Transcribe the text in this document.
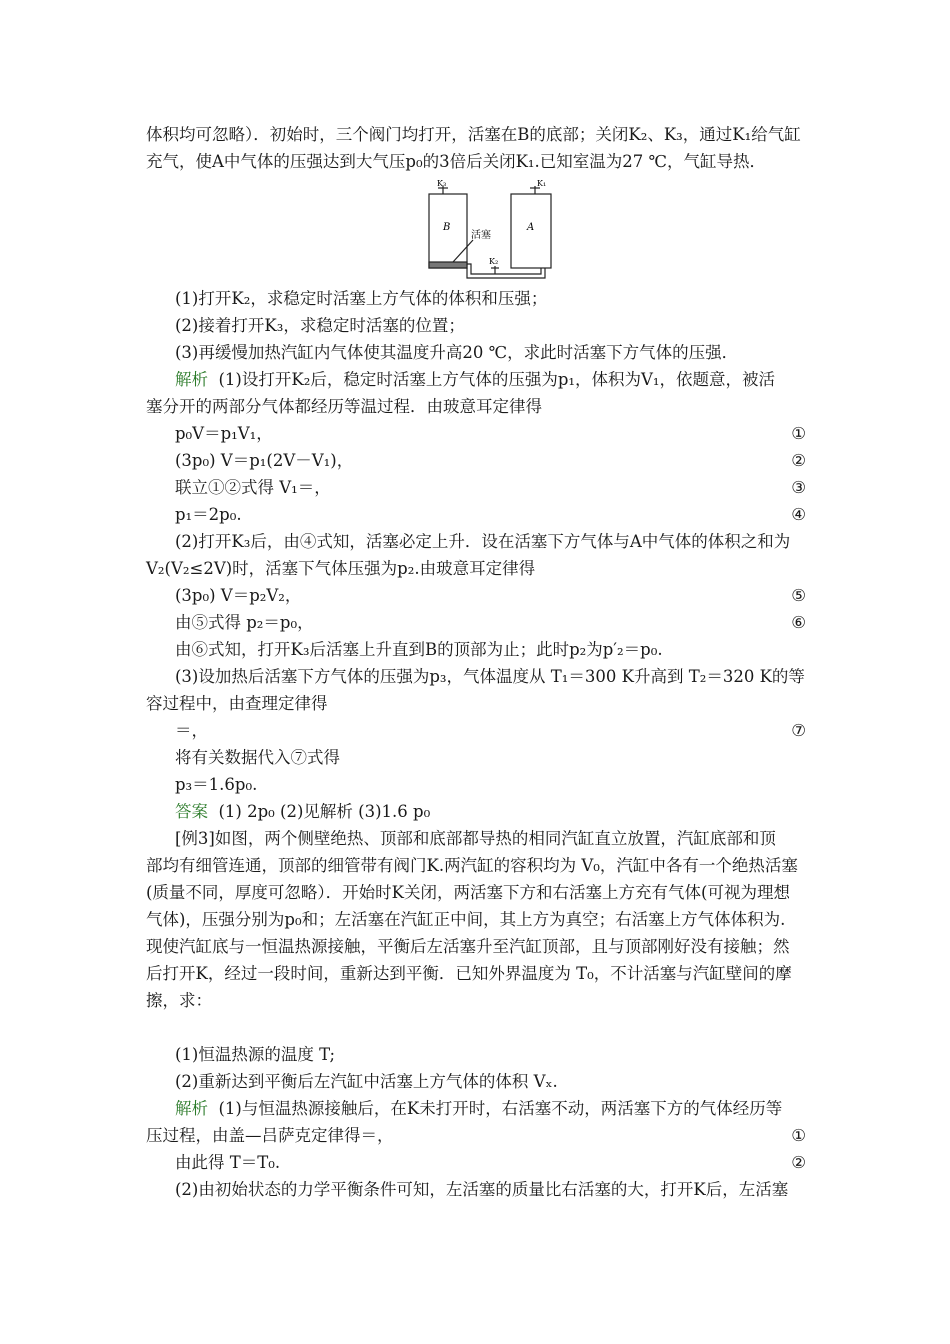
体积均可忽略）．初始时，三个阀门均打开，活塞在B的底部；关闭K₂、K₃，通过K₁给气缸
充气，使A中气体的压强达到大气压p₀的3倍后关闭K₁.已知室温为27 ℃，气缸导热．
K₃	K₁
B	A
活塞
K₂
(1)打开K₂，求稳定时活塞上方气体的体积和压强；
(2)接着打开K₃，求稳定时活塞的位置；
(3)再缓慢加热汽缸内气体使其温度升高20 ℃，求此时活塞下方气体的压强．
解析 (1)设打开K₂后，稳定时活塞上方气体的压强为p₁，体积为V₁，依题意，被活
塞分开的两部分气体都经历等温过程．由玻意耳定律得
p₀V＝p₁V₁，	①
(3p₀) V＝p₁(2V－V₁)，	②
联立①②式得 V₁＝，	③
p₁＝2p₀.	④
(2)打开K₃后，由④式知，活塞必定上升．设在活塞下方气体与A中气体的体积之和为
V₂(V₂≤2V)时，活塞下气体压强为p₂.由玻意耳定律得
(3p₀) V＝p₂V₂，	⑤
由⑤式得 p₂＝p₀，	⑥
由⑥式知，打开K₃后活塞上升直到B的顶部为止；此时p₂为p′₂＝p₀.
(3)设加热后活塞下方气体的压强为p₃，气体温度从 T₁＝300 K升高到 T₂＝320 K的等
容过程中，由查理定律得
＝，	⑦
将有关数据代入⑦式得
p₃＝1.6p₀.
答案 (1) 2p₀ (2)见解析 (3)1.6 p₀
[例3]如图，两个侧壁绝热、顶部和底部都导热的相同汽缸直立放置，汽缸底部和顶
部均有细管连通，顶部的细管带有阀门K.两汽缸的容积均为 V₀，汽缸中各有一个绝热活塞
(质量不同，厚度可忽略）．开始时K关闭，两活塞下方和右活塞上方充有气体(可视为理想
气体)，压强分别为p₀和；左活塞在汽缸正中间，其上方为真空；右活塞上方气体体积为.
现使汽缸底与一恒温热源接触，平衡后左活塞升至汽缸顶部，且与顶部刚好没有接触；然
后打开K，经过一段时间，重新达到平衡．已知外界温度为 T₀，不计活塞与汽缸壁间的摩
擦，求：
(1)恒温热源的温度 T;
(2)重新达到平衡后左汽缸中活塞上方气体的体积 Vₓ.
解析 (1)与恒温热源接触后，在K未打开时，右活塞不动，两活塞下方的气体经历等
压过程，由盖—吕萨克定律得＝，	①
由此得 T＝T₀.	②
(2)由初始状态的力学平衡条件可知，左活塞的质量比右活塞的大，打开K后，左活塞
